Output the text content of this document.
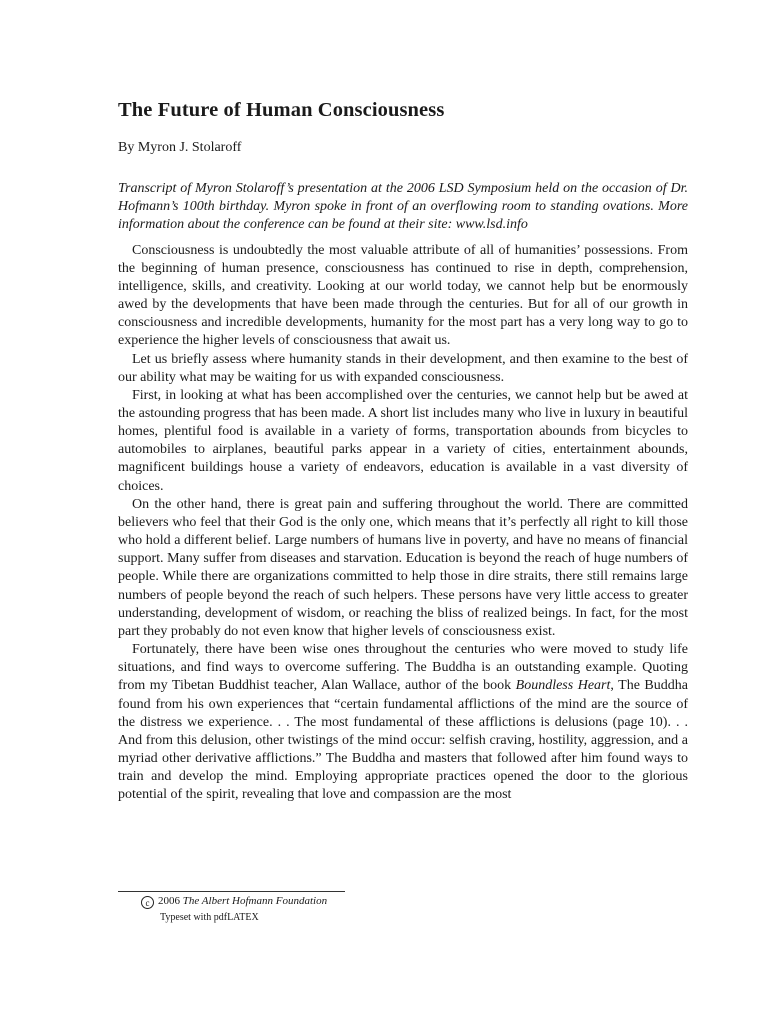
The Future of Human Consciousness
By Myron J. Stolaroff
Transcript of Myron Stolaroff’s presentation at the 2006 LSD Symposium held on the occasion of Dr. Hofmann’s 100th birthday. Myron spoke in front of an overflowing room to standing ovations. More information about the conference can be found at their site: www.lsd.info

Consciousness is undoubtedly the most valuable attribute of all of humanities’ possessions. From the beginning of human presence, consciousness has continued to rise in depth, comprehension, intelligence, skills, and creativity. Looking at our world today, we cannot help but be enormously awed by the developments that have been made through the centuries. But for all of our growth in consciousness and incredible developments, humanity for the most part has a very long way to go to experience the higher levels of consciousness that await us.

Let us briefly assess where humanity stands in their development, and then examine to the best of our ability what may be waiting for us with expanded consciousness.

First, in looking at what has been accomplished over the centuries, we cannot help but be awed at the astounding progress that has been made. A short list includes many who live in luxury in beautiful homes, plentiful food is available in a variety of forms, transportation abounds from bicycles to automobiles to airplanes, beautiful parks appear in a variety of cities, entertainment abounds, magnificent buildings house a variety of endeavors, education is available in a vast diversity of choices.

On the other hand, there is great pain and suffering throughout the world. There are committed believers who feel that their God is the only one, which means that it’s perfectly all right to kill those who hold a different belief. Large numbers of humans live in poverty, and have no means of financial support. Many suffer from diseases and starvation. Education is beyond the reach of huge numbers of people. While there are organizations committed to help those in dire straits, there still remains large numbers of people beyond the reach of such helpers. These persons have very little access to greater understanding, development of wisdom, or reaching the bliss of realized beings. In fact, for the most part they probably do not even know that higher levels of consciousness exist.

Fortunately, there have been wise ones throughout the centuries who were moved to study life situations, and find ways to overcome suffering. The Buddha is an outstanding example. Quoting from my Tibetan Buddhist teacher, Alan Wallace, author of the book Boundless Heart, The Buddha found from his own experiences that “certain fundamental afflictions of the mind are the source of the distress we experience. . . The most fundamental of these afflictions is delusions (page 10). . . And from this delusion, other twistings of the mind occur: selfish craving, hostility, aggression, and a myriad other derivative afflictions.” The Buddha and masters that followed after him found ways to train and develop the mind. Employing appropriate practices opened the door to the glorious potential of the spirit, revealing that love and compassion are the most

c 2006 The Albert Hofmann Foundation
Typeset with pdfLATEX
